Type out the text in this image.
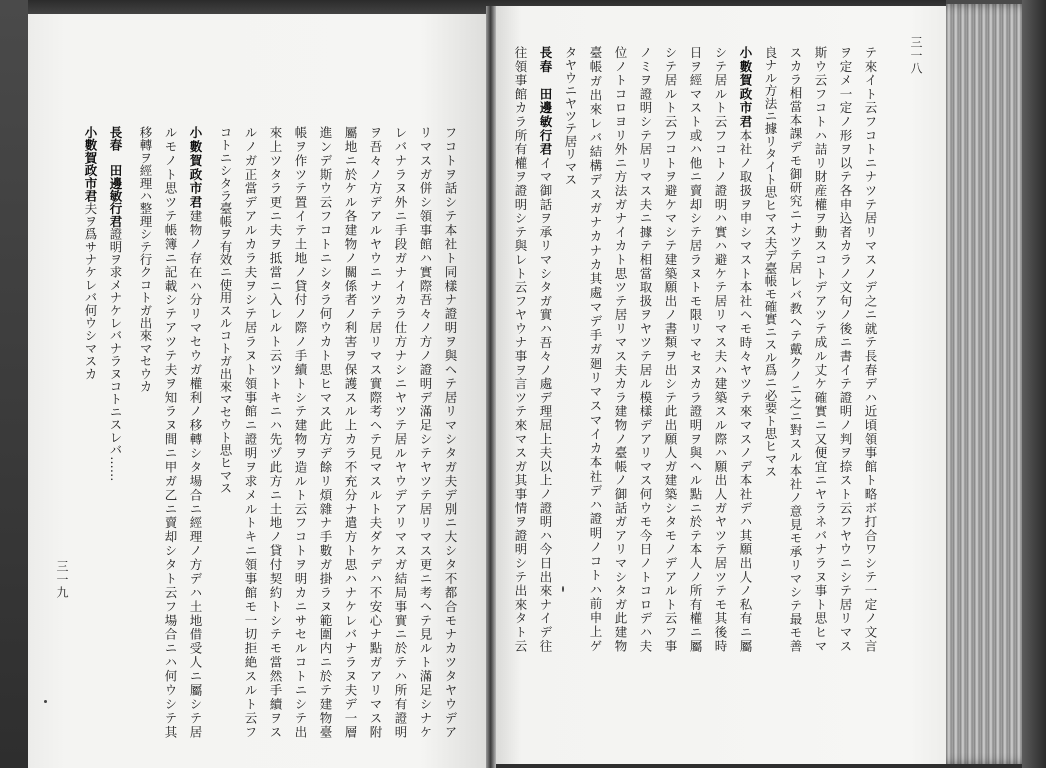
三一八
三一九	テ來イト云フコトニナツテ居リマスノデ之ニ就テ長春デハ近頃領事館ト略ボ打合ワシテ一定ノ文言
ヲ定メ一定ノ形ヲ以テ各申込者カラノ文句ノ後ニ書イテ證明ノ判ヲ捺スト云フヤウニシテ居リマス
斯ウ云フコトハ詰リ財産權ヲ動スコトデアツテ成ル丈ケ確實ニ又便宜ニヤラネバナラヌ事ト思ヒマ
スカラ相當本課デモ御研究ニナツテ居レバ教ヘテ戴クノニ之ニ對スル本社ノ意見モ承リマシテ最モ善
良ナル方法ニ據リタイト思ヒマス夫デ臺帳モ確實ニスル爲ニ必要ト思ヒマス
小數賀政市君本社ノ取扱ヲ申シマスト本社ヘモ時々ヤツテ來マスノデ本社デハ其願出人ノ私有ニ屬
シテ居ルト云フコトノ證明ハ實ハ避ケテ居リマス夫ハ建築スル際ハ願出人ガヤツテ居ツテモ其後時
日ヲ經マスト或ハ他ニ賣却シテ居ラヌトモ限リマセヌカラ證明ヲ與ヘル點ニ於テ本人ノ所有權ニ屬
シテ居ルト云フコトヲ避ケマシテ建築願出ノ書類ヲ出シテ此出願人ガ建築シタモノデアルト云フ事
ノミヲ證明シテ居リマス夫ニ據テ相當取扱ヲヤツテ居ル模樣デアリマス何ウモ今日ノトコロデハ夫
位ノトコロヨリ外ニ方法ガナイカト思ツテ居リマス夫カラ建物ノ臺帳ノ御話ガアリマシタガ此建物
臺帳ガ出來レバ結構デスガナカナカ其處マデ手ガ廻リマスマイカ本社デハ證明ノコトハ前申上ゲ
タヤウニヤツテ居リマス
長春　田邊敏行君イマ御話ヲ承リマシタガ實ハ吾々ノ處デ理屈上夫以上ノ證明ハ今日出來ナイデ往
往領事館カラ所有權ヲ證明シテ與レト云フヤウナ事ヲ言ツテ來マスガ其事情ヲ證明シテ出來タト云
フコトヲ話シテ本社ト同樣ナ證明ヲ與ヘテ居リマシタガ夫デ別ニ大シタ不都合モナカツタヤウデア
リマスガ併シ領事館ハ實際吾々ノ方ノ證明デ滿足シテヤツテ居リマス更ニ考ヘテ見ルト滿足シナケ
レバナラヌ外ニ手段ガナイカラ仕方ナシニヤツテ居ルヤウデアリマスガ結局事實ニ於テハ所有證明
ヲ吾々ノ方デアルヤウニナツテ居リマス實際考ヘテ見マスルト夫ダケデハ不安心ナ點ガアリマス附
屬地ニ於ケル各建物ノ關係者ノ利害ヲ保護スル上カラ不充分ナ遣方ト思ハナケレバナラヌ夫デ一層
進ンデ斯ウ云フコトニシタラ何ウカト思ヒマス此方デ餘リ煩雜ナ手數ガ掛ラヌ範圍内ニ於テ建物臺
帳ヲ作ツテ置イテ土地ノ貸付ノ際ノ手續トシテ建物ヲ造ルト云フコトヲ明カニサセルコトニシテ出
來上ツタラ更ニ夫ヲ抵當ニ入レルト云ツトキニハ先ヅ此方ニ土地ノ貸付契約トシテモ當然手續ヲス
ルノガ正當デアルカラ夫ヲシテ居ラヌト領事館ニ證明ヲ求メルトキニ領事館モ一切拒絶スルト云フ
コトニシタラ臺帳ヲ有效ニ使用スルコトガ出來マセウト思ヒマス
小數賀政市君建物ノ存在ハ分リマセウガ權利ノ移轉シタ場合ニ經理ノ方デハ土地借受人ニ屬シテ居
ルモノト思ツテ帳簿ニ記載シテアツテ夫ヲ知ラヌ間ニ甲ガ乙ニ賣却シタト云フ場合ニハ何ウシテ其
移轉ヲ經理ハ整理シテ行クコトガ出來マセウカ
長春　田邊敏行君證明ヲ求メナケレバナラヌコトニスレバ……
小數賀政市君夫ヲ爲サナケレバ何ウシマスカ
